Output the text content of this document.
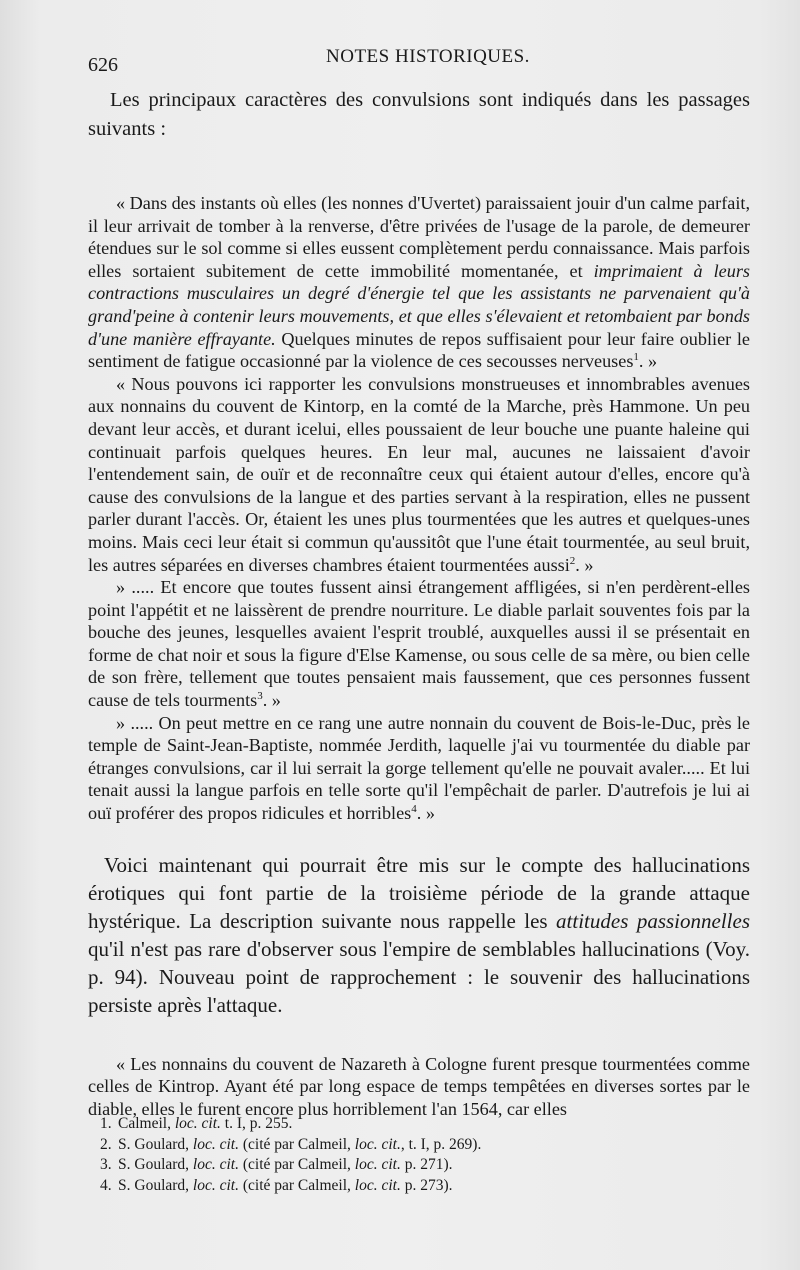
626	NOTES HISTORIQUES.

Les principaux caractères des convulsions sont indiqués dans les passages suivants :

« Dans des instants où elles (les nonnes d'Uvertet) paraissaient jouir d'un calme parfait, il leur arrivait de tomber à la renverse, d'être privées de l'usage de la parole, de demeurer étendues sur le sol comme si elles eussent complètement perdu connaissance. Mais parfois elles sortaient subitement de cette immobilité momentanée, et imprimaient à leurs contractions musculaires un degré d'énergie tel que les assistants ne parvenaient qu'à grand'peine à contenir leurs mouvements, et que elles s'élevaient et retombaient par bonds d'une manière effrayante. Quelques minutes de repos suffisaient pour leur faire oublier le sentiment de fatigue occasionné par la violence de ces secousses nerveuses$^1$. »

« Nous pouvons ici rapporter les convulsions monstrueuses et innombrables avenues aux nonnains du couvent de Kintorp, en la comté de la Marche, près Hammone. Un peu devant leur accès, et durant icelui, elles poussaient de leur bouche une puante haleine qui continuait parfois quelques heures. En leur mal, aucunes ne laissaient d'avoir l'entendement sain, de ouïr et de reconnaître ceux qui étaient autour d'elles, encore qu'à cause des convulsions de la langue et des parties servant à la respiration, elles ne pussent parler durant l'accès. Or, étaient les unes plus tourmentées que les autres et quelques-unes moins. Mais ceci leur était si commun qu'aussitôt que l'une était tourmentée, au seul bruit, les autres séparées en diverses chambres étaient tourmentées aussi$^2$. »

» ..... Et encore que toutes fussent ainsi étrangement affligées, si n'en perdèrent-elles point l'appétit et ne laissèrent de prendre nourriture. Le diable parlait souventes fois par la bouche des jeunes, lesquelles avaient l'esprit troublé, auxquelles aussi il se présentait en forme de chat noir et sous la figure d'Else Kamense, ou sous celle de sa mère, ou bien celle de son frère, tellement que toutes pensaient mais faussement, que ces personnes fussent cause de tels tourments$^3$. »

» ..... On peut mettre en ce rang une autre nonnain du couvent de Bois-le-Duc, près le temple de Saint-Jean-Baptiste, nommée Jerdith, laquelle j'ai vu tourmentée du diable par étranges convulsions, car il lui serrait la gorge tellement qu'elle ne pouvait avaler..... Et lui tenait aussi la langue parfois en telle sorte qu'il l'empêchait de parler. D'autrefois je lui ai ouï proférer des propos ridicules et horribles$^4$. »

Voici maintenant qui pourrait être mis sur le compte des hallucinations érotiques qui font partie de la troisième période de la grande attaque hystérique. La description suivante nous rappelle les attitudes passionnelles qu'il n'est pas rare d'observer sous l'empire de semblables hallucinations (Voy. p. 94). Nouveau point de rapprochement : le souvenir des hallucinations persiste après l'attaque.

« Les nonnains du couvent de Nazareth à Cologne furent presque tourmentées comme celles de Kintrop. Ayant été par long espace de temps tempêtées en diverses sortes par le diable, elles le furent encore plus horriblement l'an 1564, car elles

1. Calmeil, loc. cit. t. I, p. 255.
2. S. Goulard, loc. cit. (cité par Calmeil, loc. cit., t. I, p. 269).
3. S. Goulard, loc. cit. (cité par Calmeil, loc. cit. p. 271).
4. S. Goulard, loc. cit. (cité par Calmeil, loc. cit. p. 273).
